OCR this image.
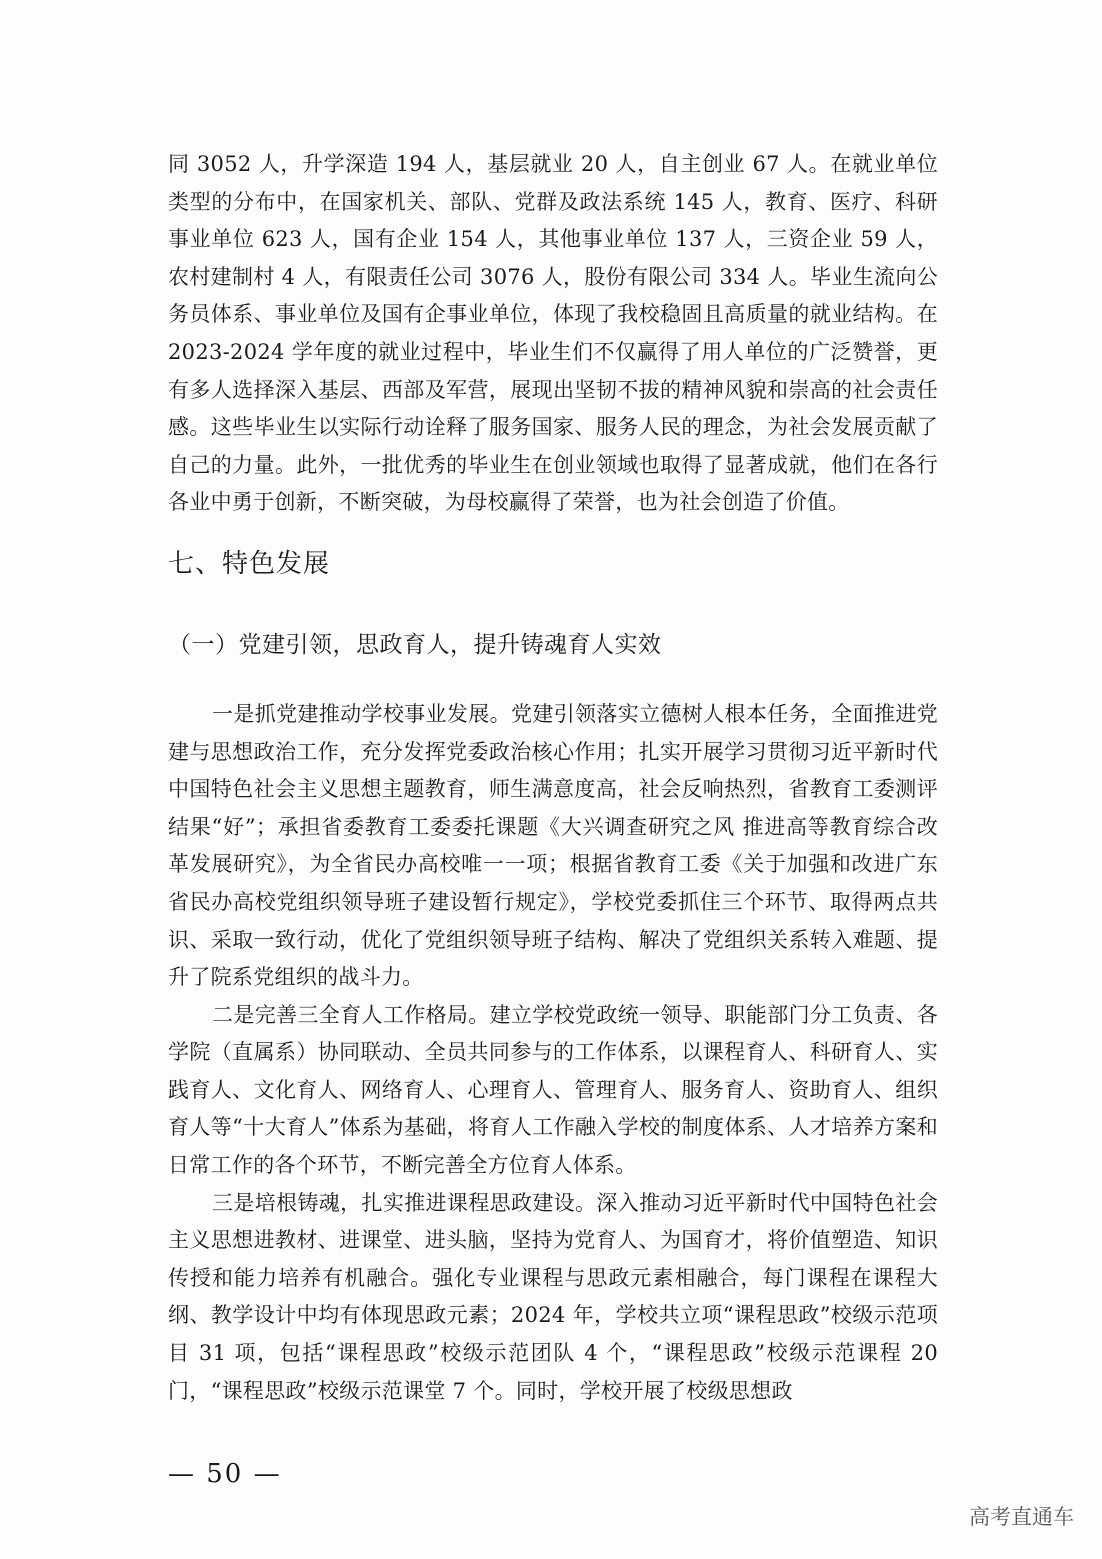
同 3052 人，升学深造 194 人，基层就业 20 人，自主创业 67 人。在就业单位类型的分布中，在国家机关、部队、党群及政法系统 145 人，教育、医疗、科研事业单位 623 人，国有企业 154 人，其他事业单位 137 人，三资企业 59 人，农村建制村 4 人，有限责任公司 3076 人，股份有限公司 334 人。毕业生流向公务员体系、事业单位及国有企事业单位，体现了我校稳固且高质量的就业结构。在 2023-2024 学年度的就业过程中，毕业生们不仅赢得了用人单位的广泛赞誉，更有多人选择深入基层、西部及军营，展现出坚韧不拔的精神风貌和崇高的社会责任感。这些毕业生以实际行动诠释了服务国家、服务人民的理念，为社会发展贡献了自己的力量。此外，一批优秀的毕业生在创业领域也取得了显著成就，他们在各行各业中勇于创新，不断突破，为母校赢得了荣誉，也为社会创造了价值。

七、特色发展
（一）党建引领，思政育人，提升铸魂育人实效

一是抓党建推动学校事业发展。党建引领落实立德树人根本任务，全面推进党建与思想政治工作，充分发挥党委政治核心作用；扎实开展学习贯彻习近平新时代中国特色社会主义思想主题教育，师生满意度高，社会反响热烈，省教育工委测评结果“好”；承担省委教育工委委托课题《大兴调查研究之风 推进高等教育综合改革发展研究》，为全省民办高校唯一一项；根据省教育工委《关于加强和改进广东省民办高校党组织领导班子建设暂行规定》，学校党委抓住三个环节、取得两点共识、采取一致行动，优化了党组织领导班子结构、解决了党组织关系转入难题、提升了院系党组织的战斗力。

二是完善三全育人工作格局。建立学校党政统一领导、职能部门分工负责、各学院（直属系）协同联动、全员共同参与的工作体系，以课程育人、科研育人、实践育人、文化育人、网络育人、心理育人、管理育人、服务育人、资助育人、组织育人等“十大育人”体系为基础，将育人工作融入学校的制度体系、人才培养方案和日常工作的各个环节，不断完善全方位育人体系。

三是培根铸魂，扎实推进课程思政建设。深入推动习近平新时代中国特色社会主义思想进教材、进课堂、进头脑，坚持为党育人、为国育才，将价值塑造、知识传授和能力培养有机融合。强化专业课程与思政元素相融合，每门课程在课程大纲、教学设计中均有体现思政元素；2024 年，学校共立项“课程思政”校级示范项目 31 项，包括“课程思政”校级示范团队 4 个，“课程思政”校级示范课程 20 门，“课程思政”校级示范课堂 7 个。同时，学校开展了校级思想政

— 50 —
高考直通车
